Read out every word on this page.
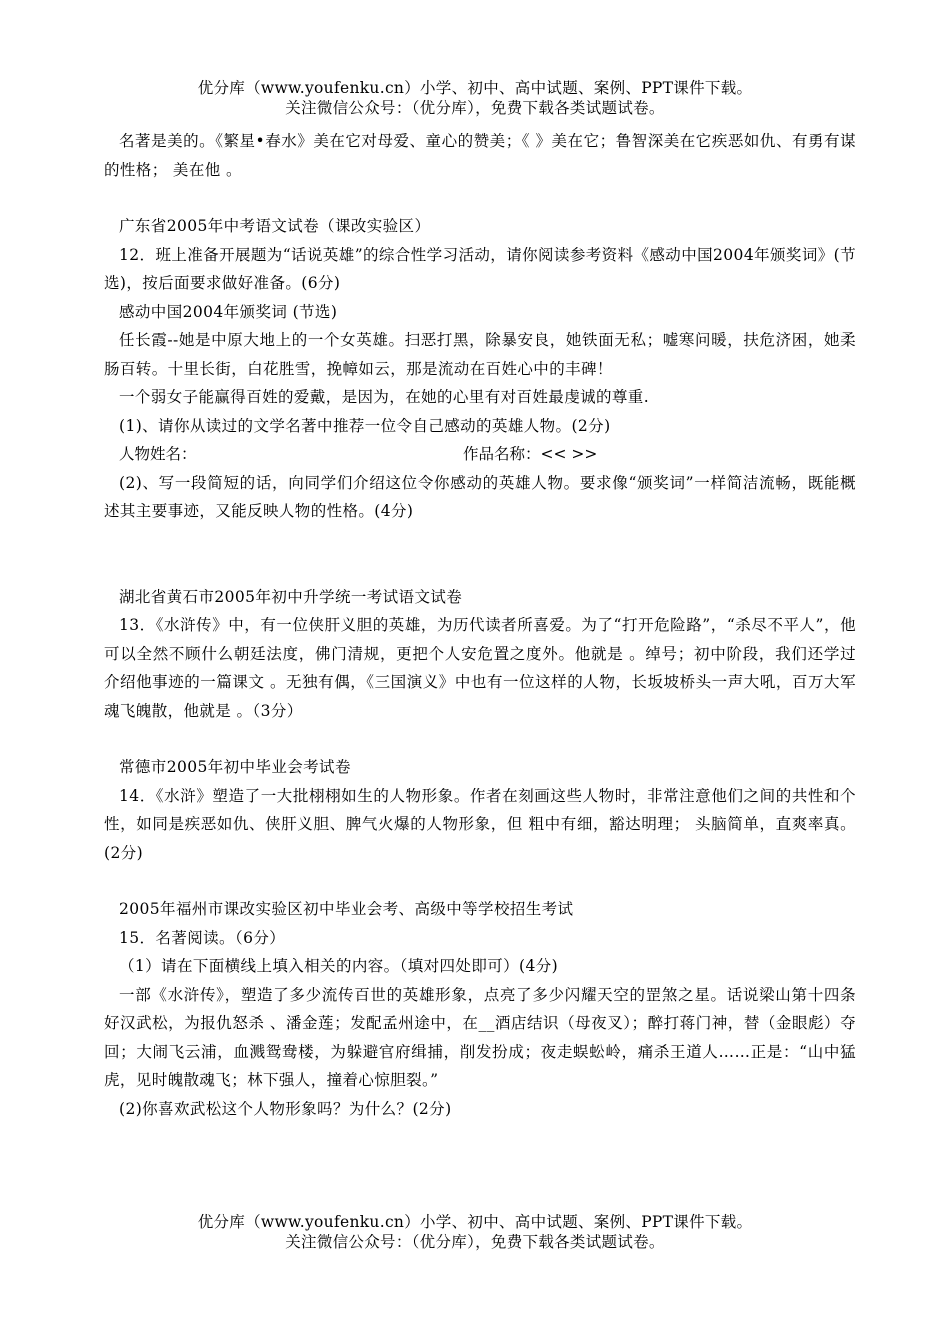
优分库（www.youfenku.cn）小学、初中、高中试题、案例、PPT课件下载。
关注微信公众号：（优分库），免费下载各类试题试卷。

名著是美的。《繁星•春水》美在它对母爱、童心的赞美；《 》美在它；鲁智深美在它疾恶如仇、有勇有谋的性格； 美在他 。

广东省2005年中考语文试卷（课改实验区）

12．班上准备开展题为“话说英雄”的综合性学习活动，请你阅读参考资料《感动中国2004年颁奖词》(节选)，按后面要求做好准备。(6分)

感动中国2004年颁奖词 (节选)

任长霞--她是中原大地上的一个女英雄。扫恶打黑，除暴安良，她铁面无私；嘘寒问暖，扶危济困，她柔肠百转。十里长街，白花胜雪，挽幛如云，那是流动在百姓心中的丰碑！

一个弱女子能赢得百姓的爱戴，是因为，在她的心里有对百姓最虔诚的尊重.

(1)、请你从读过的文学名著中推荐一位令自己感动的英雄人物。(2分)

人物姓名：	作品名称：<< >>

(2)、写一段简短的话，向同学们介绍这位令你感动的英雄人物。要求像“颁奖词”一样简洁流畅，既能概述其主要事迹，又能反映人物的性格。(4分)

湖北省黄石市2005年初中升学统一考试语文试卷

13．《水浒传》中，有一位侠肝义胆的英雄，为历代读者所喜爱。为了“打开危险路”，“杀尽不平人”，他可以全然不顾什么朝廷法度，佛门清规，更把个人安危置之度外。他就是 。绰号；初中阶段，我们还学过介绍他事迹的一篇课文 。无独有偶，《三国演义》中也有一位这样的人物，长坂坡桥头一声大吼，百万大军魂飞魄散，他就是 。（3分）

常德市2005年初中毕业会考试卷

14．《水浒》塑造了一大批栩栩如生的人物形象。作者在刻画这些人物时，非常注意他们之间的共性和个性，如同是疾恶如仇、侠肝义胆、脾气火爆的人物形象，但 粗中有细，豁达明理； 头脑简单，直爽率真。(2分)

2005年福州市课改实验区初中毕业会考、高级中等学校招生考试

15．名著阅读。（6分）

（1）请在下面横线上填入相关的内容。（填对四处即可）(4分)

一部《水浒传》，塑造了多少流传百世的英雄形象，点亮了多少闪耀天空的罡煞之星。话说梁山第十四条好汉武松，为报仇怒杀 、潘金莲；发配孟州途中，在__酒店结识（母夜叉）；醉打蒋门神，替（金眼彪）夺回；大闹飞云浦，血溅鸳鸯楼，为躲避官府缉捕，削发扮成；夜走蜈蚣岭，痛杀王道人……正是：“山中猛虎，见时魄散魂飞；林下强人，撞着心惊胆裂。”

(2)你喜欢武松这个人物形象吗？为什么？(2分)

优分库（www.youfenku.cn）小学、初中、高中试题、案例、PPT课件下载。
关注微信公众号：（优分库），免费下载各类试题试卷。
